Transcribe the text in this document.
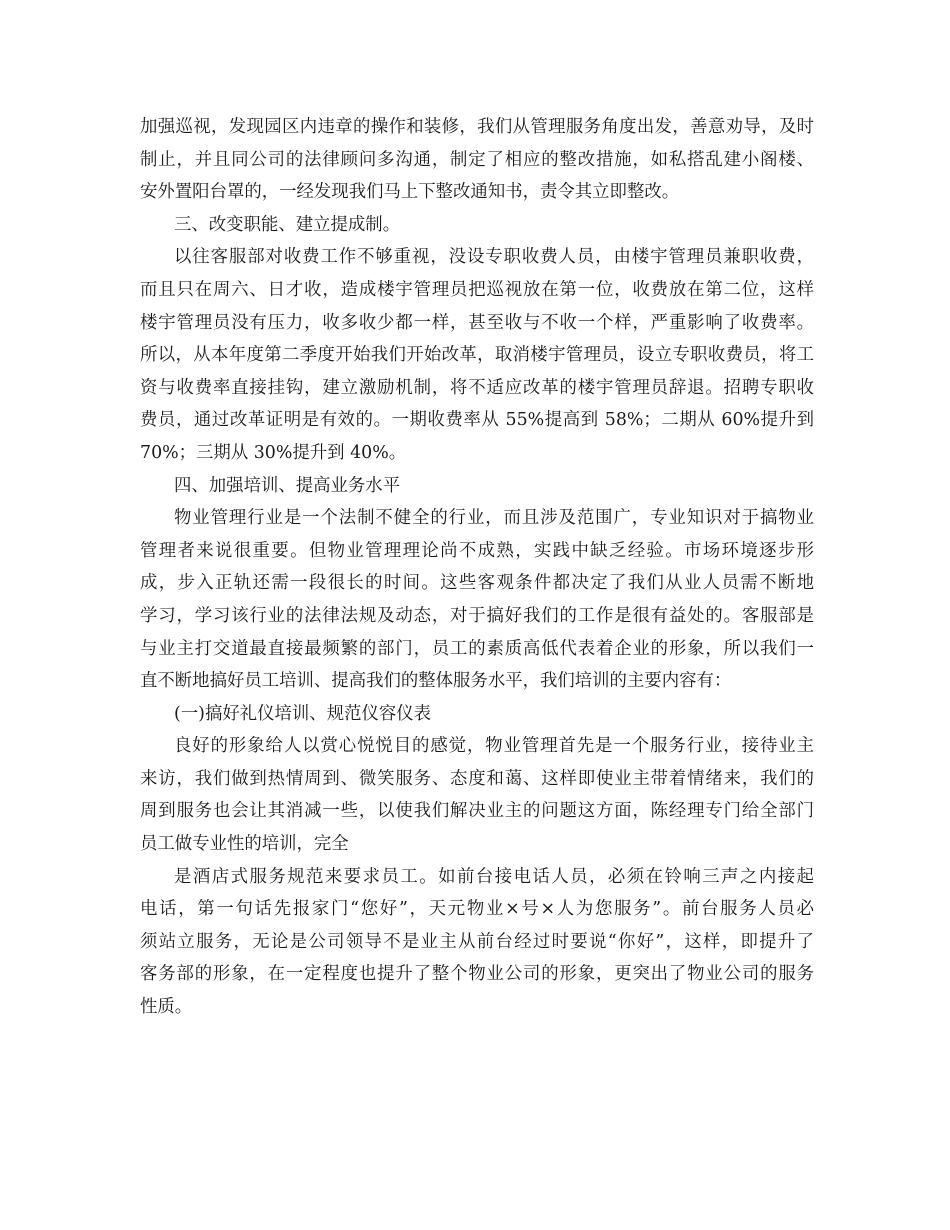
加强巡视，发现园区内违章的操作和装修，我们从管理服务角度出发，善意劝导，及时
制止，并且同公司的法律顾问多沟通，制定了相应的整改措施，如私搭乱建小阁楼、
安外置阳台罩的，一经发现我们马上下整改通知书，责令其立即整改。
三、改变职能、建立提成制。
以往客服部对收费工作不够重视，没设专职收费人员，由楼宇管理员兼职收费，
而且只在周六、日才收，造成楼宇管理员把巡视放在第一位，收费放在第二位，这样
楼宇管理员没有压力，收多收少都一样，甚至收与不收一个样，严重影响了收费率。
所以，从本年度第二季度开始我们开始改革，取消楼宇管理员，设立专职收费员，将工
资与收费率直接挂钩，建立激励机制，将不适应改革的楼宇管理员辞退。招聘专职收
费员，通过改革证明是有效的。一期收费率从 55%提高到 58%；二期从 60%提升到
70%；三期从 30%提升到 40%。
四、加强培训、提高业务水平
物业管理行业是一个法制不健全的行业，而且涉及范围广，专业知识对于搞物业
管理者来说很重要。但物业管理理论尚不成熟，实践中缺乏经验。市场环境逐步形
成，步入正轨还需一段很长的时间。这些客观条件都决定了我们从业人员需不断地
学习，学习该行业的法律法规及动态，对于搞好我们的工作是很有益处的。客服部是
与业主打交道最直接最频繁的部门，员工的素质高低代表着企业的形象，所以我们一
直不断地搞好员工培训、提高我们的整体服务水平，我们培训的主要内容有：
(一)搞好礼仪培训、规范仪容仪表
良好的形象给人以赏心悦悦目的感觉，物业管理首先是一个服务行业，接待业主
来访，我们做到热情周到、微笑服务、态度和蔼、这样即使业主带着情绪来，我们的
周到服务也会让其消减一些，以使我们解决业主的问题这方面，陈经理专门给全部门
员工做专业性的培训，完全
是酒店式服务规范来要求员工。如前台接电话人员，必须在铃响三声之内接起
电话，第一句话先报家门“您好”，天元物业×号×人为您服务”。前台服务人员必
须站立服务，无论是公司领导不是业主从前台经过时要说“你好”，这样，即提升了
客务部的形象，在一定程度也提升了整个物业公司的形象，更突出了物业公司的服务
性质。
